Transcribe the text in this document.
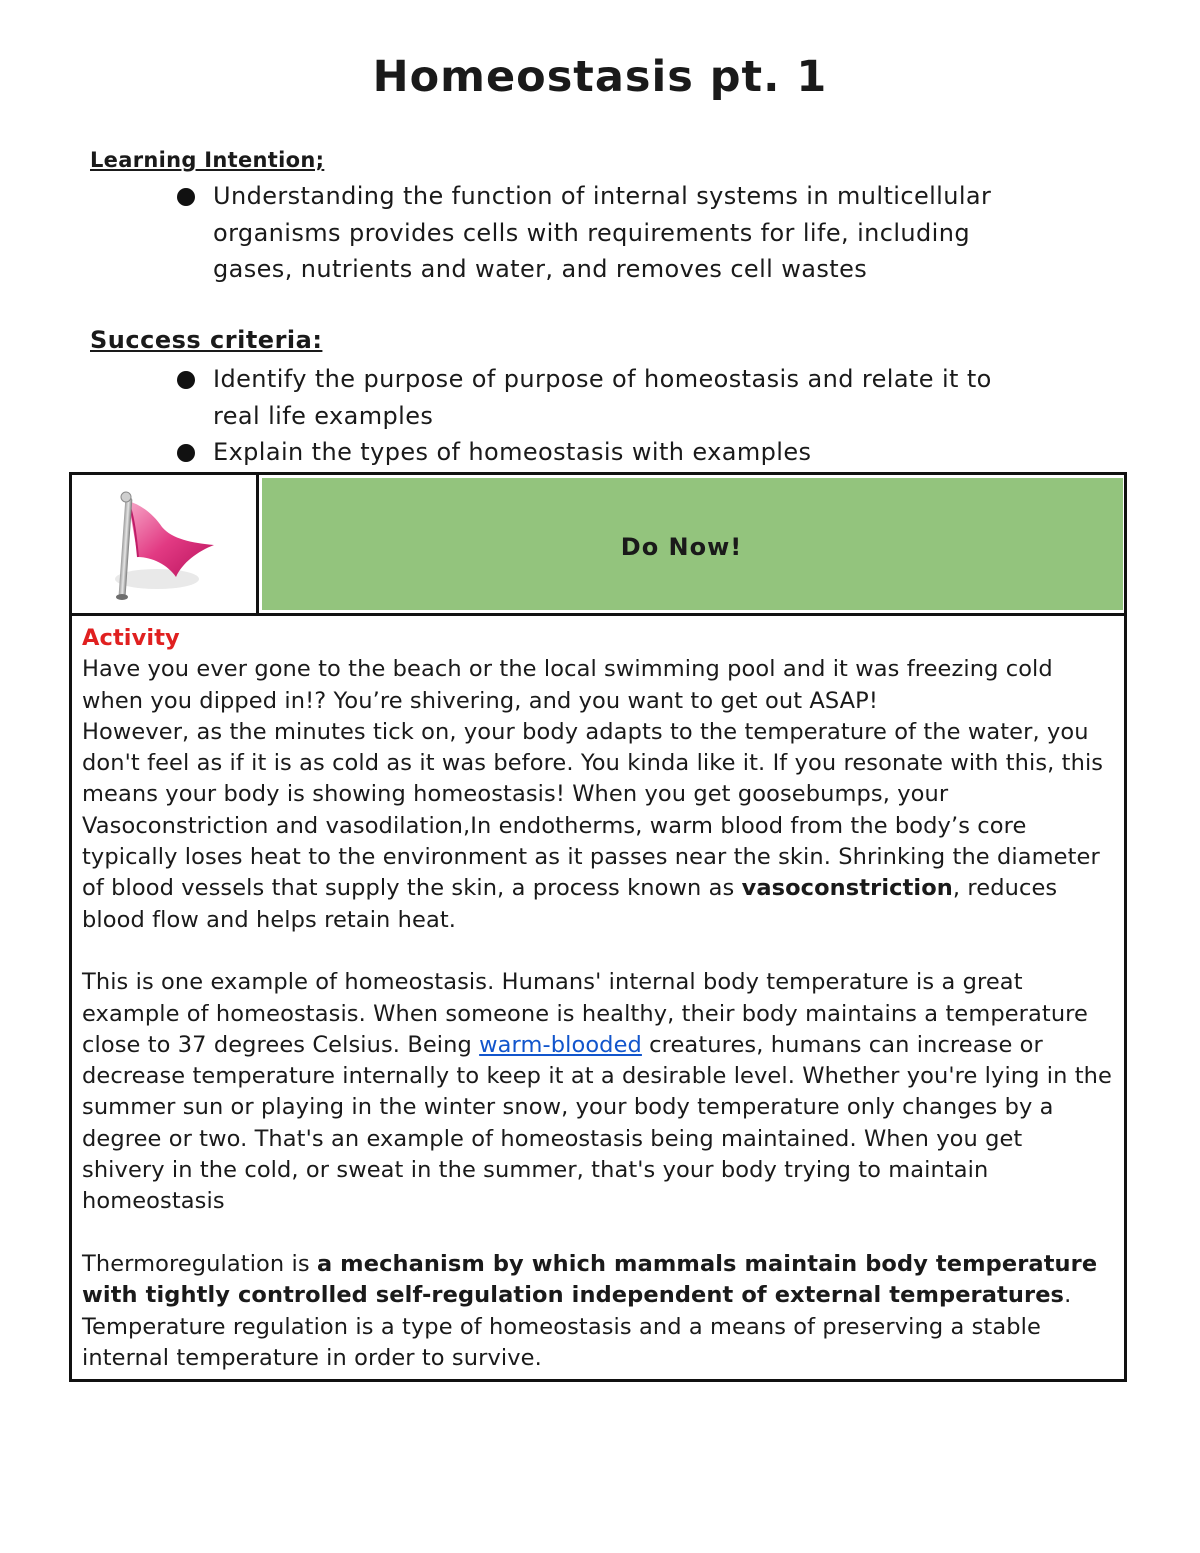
Homeostasis pt. 1
Learning Intention;
Understanding the function of internal systems in multicellular organisms provides cells with requirements for life, including gases, nutrients and water, and removes cell wastes
Success criteria:
Identify the purpose of purpose of homeostasis and relate it to real life examples
Explain the types of homeostasis with examples
Do Now!

Activity

Have you ever gone to the beach or the local swimming pool and it was freezing cold when you dipped in!? You’re shivering, and you want to get out ASAP!

However, as the minutes tick on, your body adapts to the temperature of the water, you don't feel as if it is as cold as it was before. You kinda like it. If you resonate with this, this means your body is showing homeostasis! When you get goosebumps, your Vasoconstriction and vasodilation,In endotherms, warm blood from the body’s core typically loses heat to the environment as it passes near the skin. Shrinking the diameter of blood vessels that supply the skin, a process known as vasoconstriction, reduces blood flow and helps retain heat.

This is one example of homeostasis. Humans' internal body temperature is a great example of homeostasis. When someone is healthy, their body maintains a temperature close to 37 degrees Celsius. Being warm-blooded creatures, humans can increase or decrease temperature internally to keep it at a desirable level. Whether you're lying in the summer sun or playing in the winter snow, your body temperature only changes by a degree or two. That's an example of homeostasis being maintained. When you get shivery in the cold, or sweat in the summer, that's your body trying to maintain homeostasis

Thermoregulation is a mechanism by which mammals maintain body temperature with tightly controlled self-regulation independent of external temperatures. Temperature regulation is a type of homeostasis and a means of preserving a stable internal temperature in order to survive.
